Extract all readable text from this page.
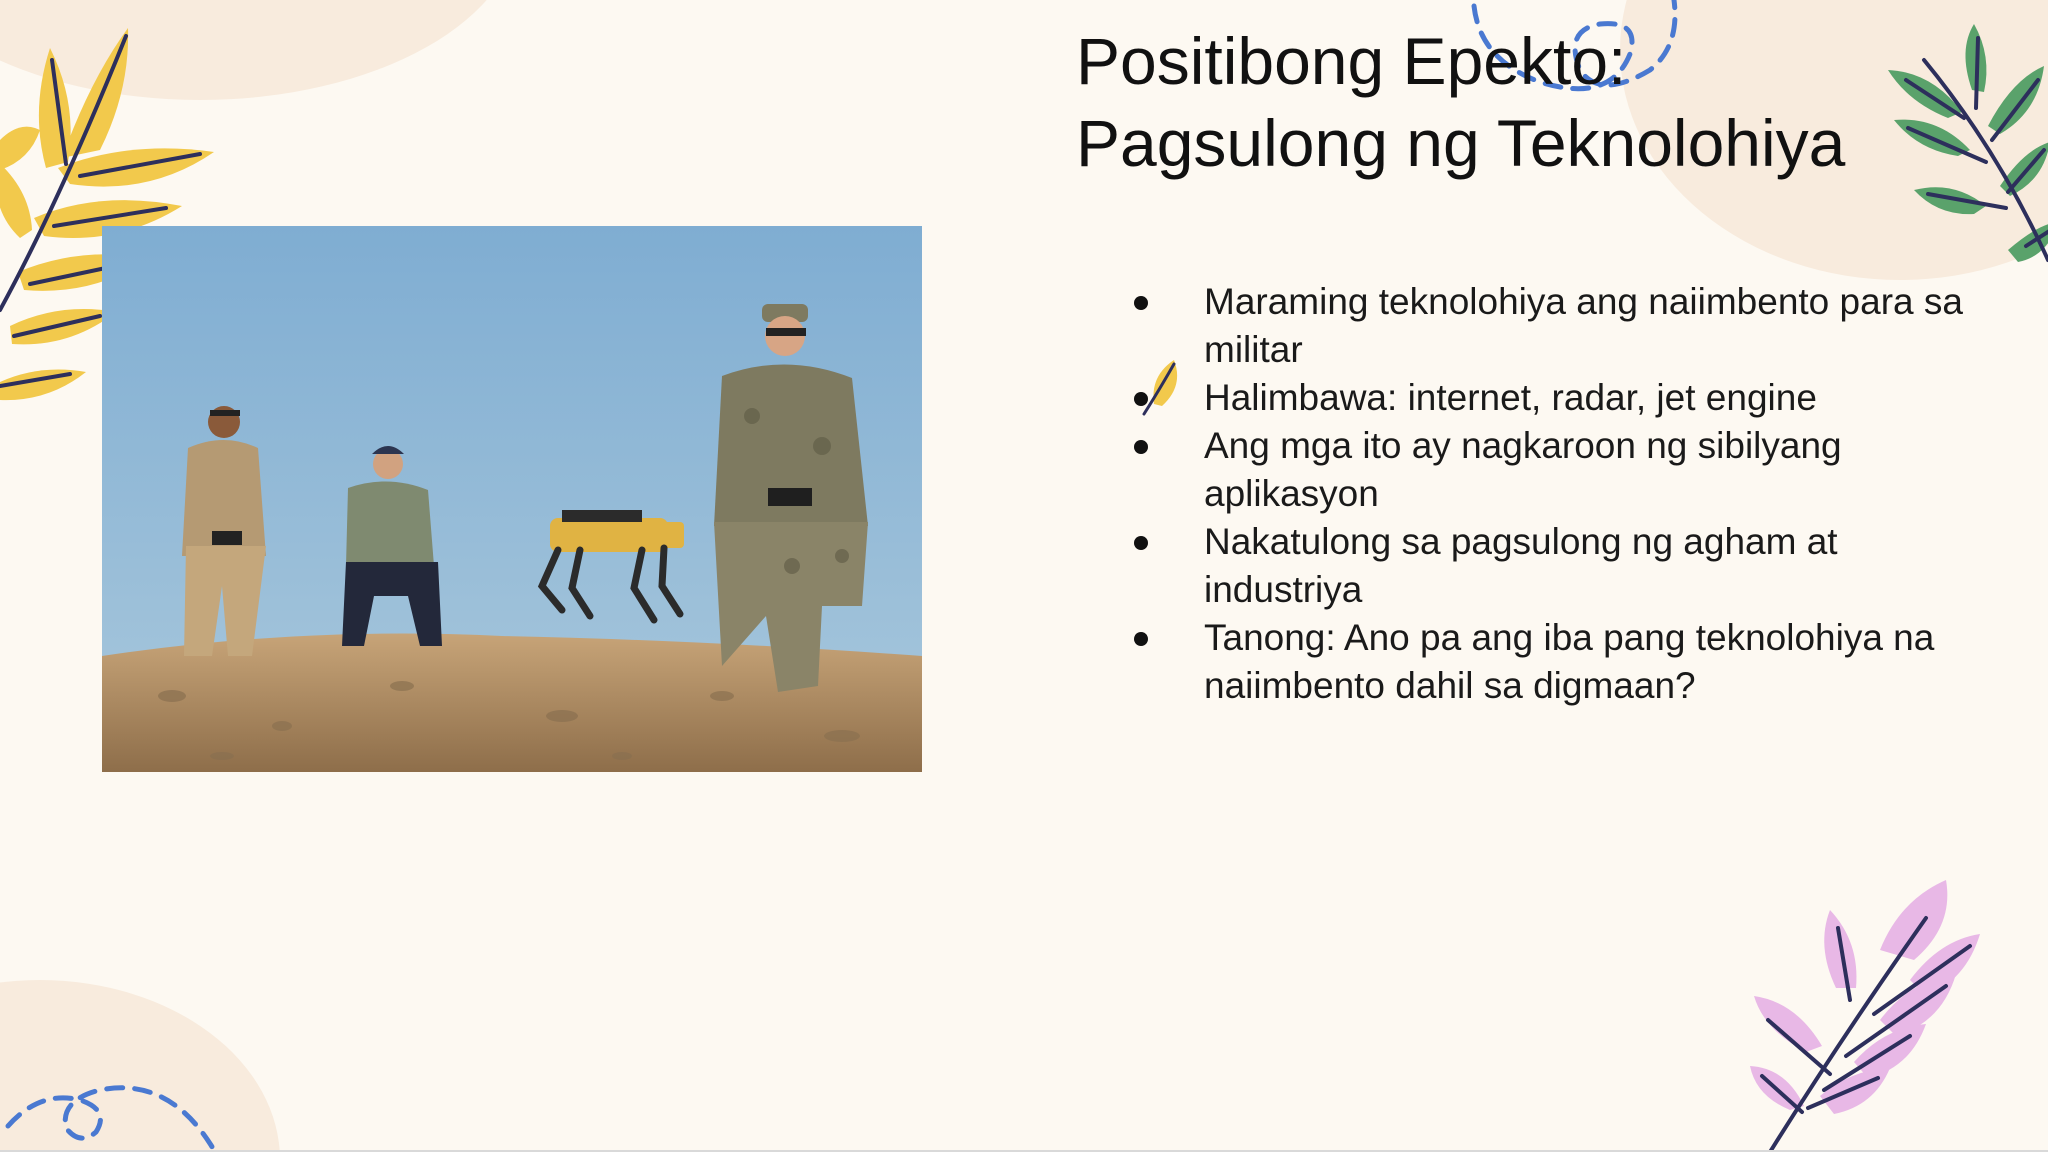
Positibong Epekto:
Pagsulong ng Teknolohiya
Maraming teknolohiya ang naiimbento para sa militar
Halimbawa: internet, radar, jet engine
Ang mga ito ay nagkaroon ng sibilyang aplikasyon
Nakatulong sa pagsulong ng agham at industriya
Tanong: Ano pa ang iba pang teknolohiya na naiimbento dahil sa digmaan?
